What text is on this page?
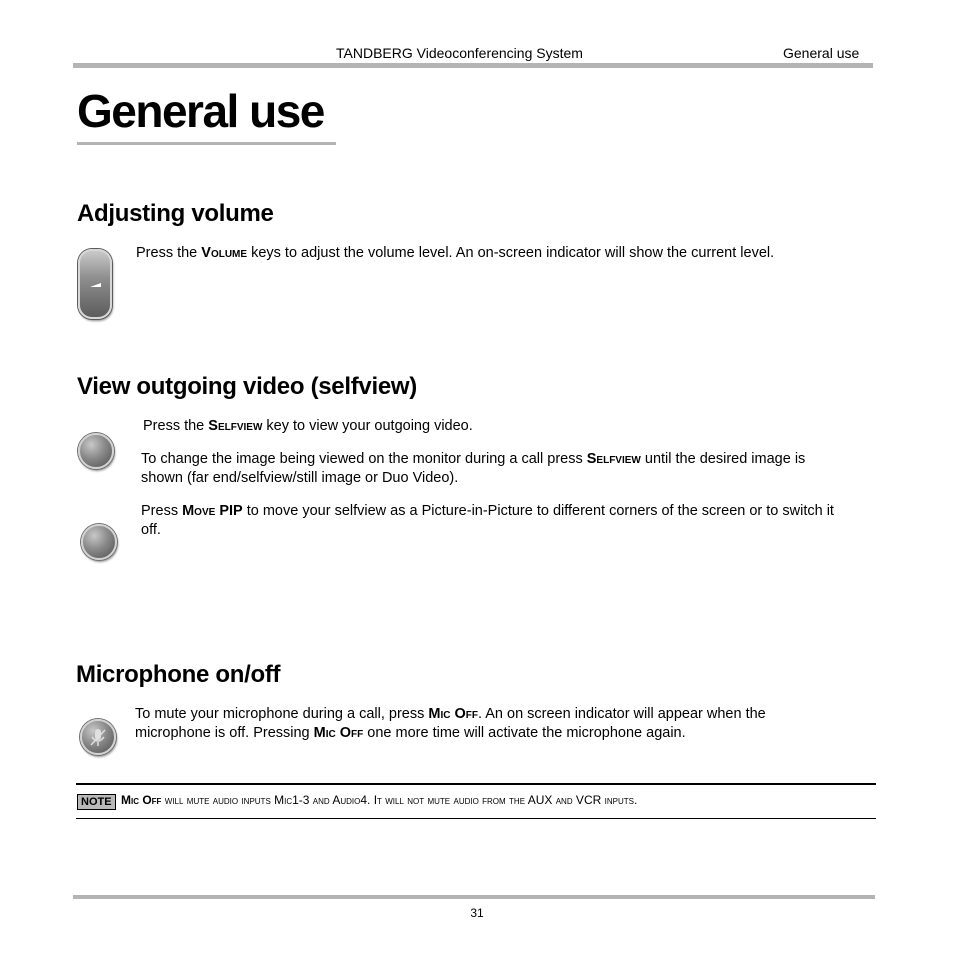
TANDBERG Videoconferencing System	General use
General use
Adjusting volume
Press the Volume keys to adjust the volume level. An on-screen indicator will show the current level.
View outgoing video (selfview)
Press the Selfview key to view your outgoing video.
To change the image being viewed on the monitor during a call press Selfview until the desired image is shown (far end/selfview/still image or Duo Video).
Press Move PIP to move your selfview as a Picture-in-Picture to different corners of the screen or to switch it off.
Microphone on/off
To mute your microphone during a call, press Mic Off. An on screen indicator will appear when the microphone is off. Pressing Mic Off one more time will activate the microphone again.
NOTE Mic Off will mute audio inputs Mic1-3 and Audio4. It will not mute audio from the AUX and VCR inputs.
31
